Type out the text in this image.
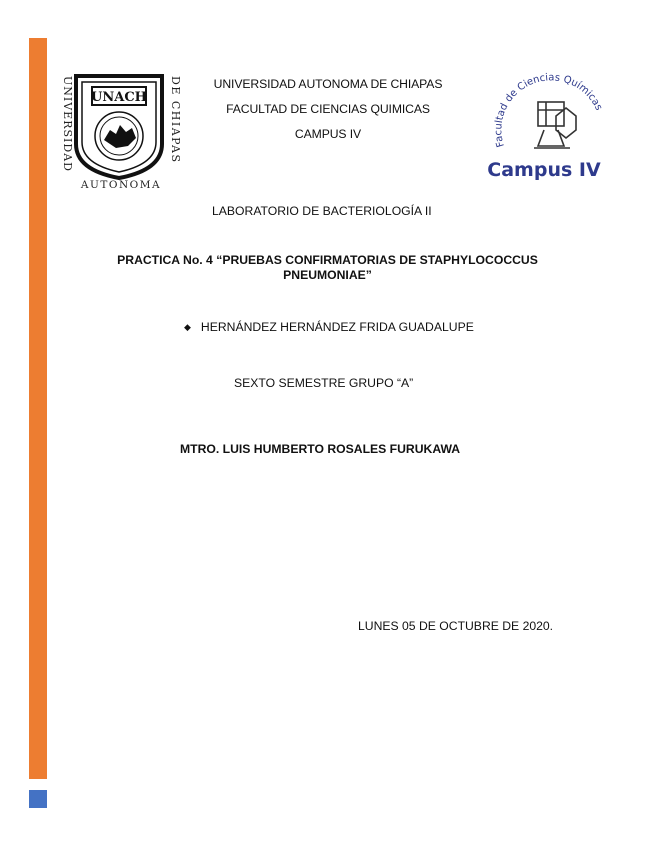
UNIVERSIDAD	DE CHIAPAS
UNACH
AUTONOMA
Facultad de Ciencias Químicas
Campus IV
UNIVERSIDAD AUTONOMA DE CHIAPAS
FACULTAD DE CIENCIAS QUIMICAS
CAMPUS IV
LABORATORIO DE BACTERIOLOGÍA II
PRACTICA No. 4 “PRUEBAS CONFIRMATORIAS DE STAPHYLOCOCCUS
PNEUMONIAE”
◆ HERNÁNDEZ HERNÁNDEZ FRIDA GUADALUPE
SEXTO SEMESTRE GRUPO “A”
MTRO. LUIS HUMBERTO ROSALES FURUKAWA
LUNES 05 DE OCTUBRE DE 2020.
